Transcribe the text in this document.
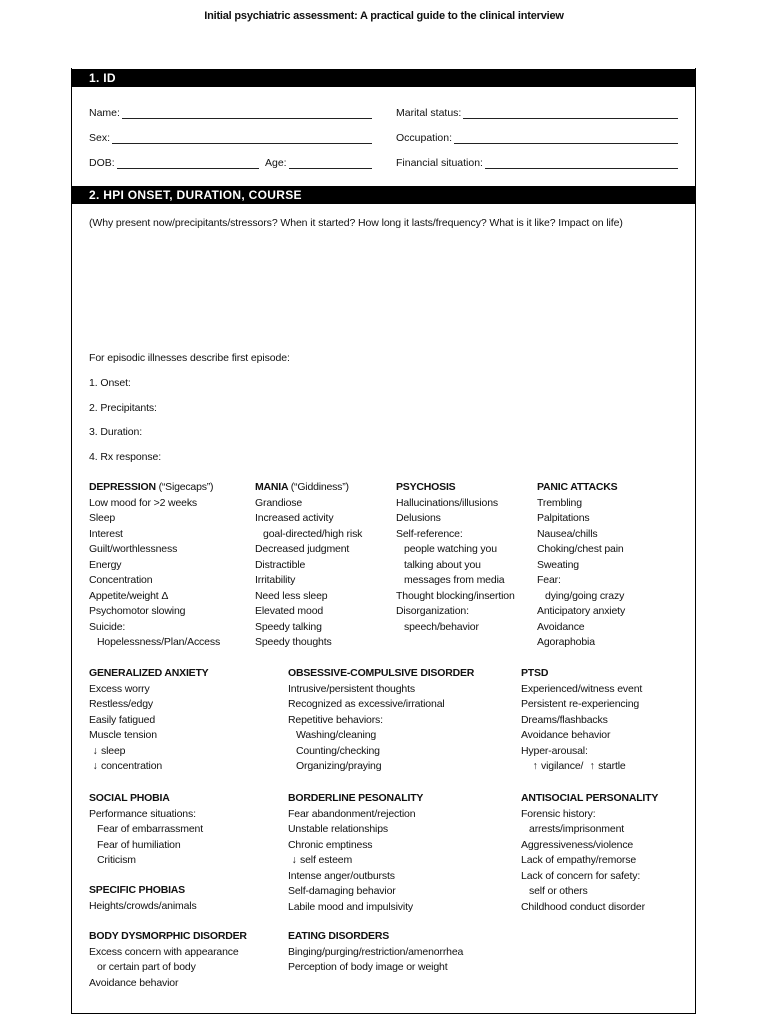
Initial psychiatric assessment: A practical guide to the clinical interview
1. ID
Name:	Marital status:
Sex:	Occupation:
DOB:	Age:	Financial situation:
2. HPI ONSET, DURATION, COURSE
(Why present now/precipitants/stressors? When it started? How long it lasts/frequency? What is it like? Impact on life)
For episodic illnesses describe first episode:
1. Onset:
2. Precipitants:
3. Duration:
4. Rx response:
DEPRESSION (“Sigecaps”)
Low mood for >2 weeks
Sleep
Interest
Guilt/worthlessness
Energy
Concentration
Appetite/weight Δ
Psychomotor slowing
Suicide:
Hopelessness/Plan/Access
MANIA (“Giddiness”)
Grandiose
Increased activity
goal-directed/high risk
Decreased judgment
Distractible
Irritability
Need less sleep
Elevated mood
Speedy talking
Speedy thoughts
PSYCHOSIS
Hallucinations/illusions
Delusions
Self-reference:
people watching you
talking about you
messages from media
Thought blocking/insertion
Disorganization:
speech/behavior
PANIC ATTACKS
Trembling
Palpitations
Nausea/chills
Choking/chest pain
Sweating
Fear:
dying/going crazy
Anticipatory anxiety
Avoidance
Agoraphobia
GENERALIZED ANXIETY
Excess worry
Restless/edgy
Easily fatigued
Muscle tension
↓ sleep
↓ concentration
OBSESSIVE-COMPULSIVE DISORDER
Intrusive/persistent thoughts
Recognized as excessive/irrational
Repetitive behaviors:
Washing/cleaning
Counting/checking
Organizing/praying
PTSD
Experienced/witness event
Persistent re-experiencing
Dreams/flashbacks
Avoidance behavior
Hyper-arousal:
↑ vigilance/ ↑ startle
SOCIAL PHOBIA
Performance situations:
Fear of embarrassment
Fear of humiliation
Criticism
SPECIFIC PHOBIAS
Heights/crowds/animals
BORDERLINE PESONALITY
Fear abandonment/rejection
Unstable relationships
Chronic emptiness
↓ self esteem
Intense anger/outbursts
Self-damaging behavior
Labile mood and impulsivity
ANTISOCIAL PERSONALITY
Forensic history:
arrests/imprisonment
Aggressiveness/violence
Lack of empathy/remorse
Lack of concern for safety:
self or others
Childhood conduct disorder
BODY DYSMORPHIC DISORDER
Excess concern with appearance
or certain part of body
Avoidance behavior
EATING DISORDERS
Binging/purging/restriction/amenorrhea
Perception of body image or weight
